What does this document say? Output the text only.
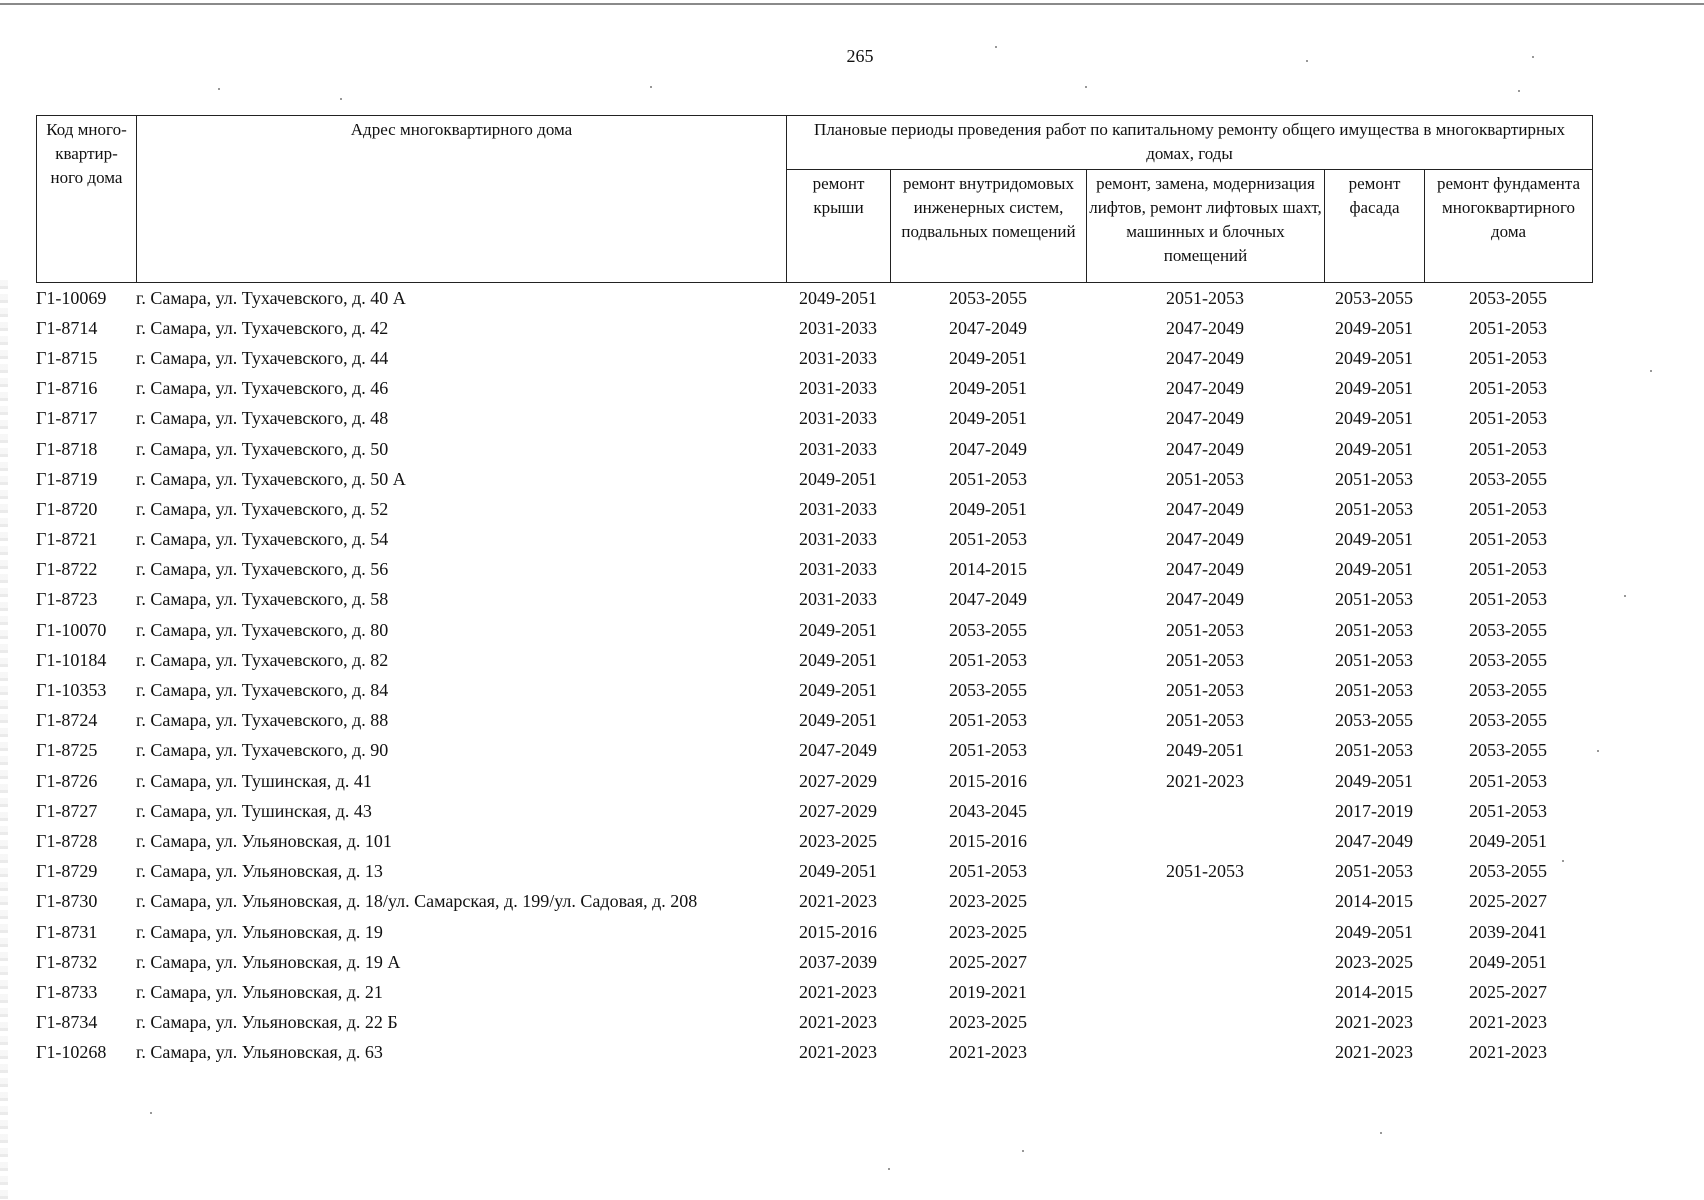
265
Код много-квартир-ного дома	Адрес многоквартирного дома	Плановые периоды проведения работ по капитальному ремонту общего имущества в многоквартирных домах, годы				
		ремонт крыши	ремонт внутридомовых инженерных систем, подвальных помещений	ремонт, замена, модернизация лифтов, ремонт лифтовых шахт, машинных и блочных помещений	ремонт фасада	ремонт фундамента многоквартирного дома
Г1-10069	г. Самара, ул. Тухачевского, д. 40 А	2049-2051	2053-2055	2051-2053	2053-2055	2053-2055
Г1-8714	г. Самара, ул. Тухачевского, д. 42	2031-2033	2047-2049	2047-2049	2049-2051	2051-2053
Г1-8715	г. Самара, ул. Тухачевского, д. 44	2031-2033	2049-2051	2047-2049	2049-2051	2051-2053
Г1-8716	г. Самара, ул. Тухачевского, д. 46	2031-2033	2049-2051	2047-2049	2049-2051	2051-2053
Г1-8717	г. Самара, ул. Тухачевского, д. 48	2031-2033	2049-2051	2047-2049	2049-2051	2051-2053
Г1-8718	г. Самара, ул. Тухачевского, д. 50	2031-2033	2047-2049	2047-2049	2049-2051	2051-2053
Г1-8719	г. Самара, ул. Тухачевского, д. 50 А	2049-2051	2051-2053	2051-2053	2051-2053	2053-2055
Г1-8720	г. Самара, ул. Тухачевского, д. 52	2031-2033	2049-2051	2047-2049	2051-2053	2051-2053
Г1-8721	г. Самара, ул. Тухачевского, д. 54	2031-2033	2051-2053	2047-2049	2049-2051	2051-2053
Г1-8722	г. Самара, ул. Тухачевского, д. 56	2031-2033	2014-2015	2047-2049	2049-2051	2051-2053
Г1-8723	г. Самара, ул. Тухачевского, д. 58	2031-2033	2047-2049	2047-2049	2051-2053	2051-2053
Г1-10070	г. Самара, ул. Тухачевского, д. 80	2049-2051	2053-2055	2051-2053	2051-2053	2053-2055
Г1-10184	г. Самара, ул. Тухачевского, д. 82	2049-2051	2051-2053	2051-2053	2051-2053	2053-2055
Г1-10353	г. Самара, ул. Тухачевского, д. 84	2049-2051	2053-2055	2051-2053	2051-2053	2053-2055
Г1-8724	г. Самара, ул. Тухачевского, д. 88	2049-2051	2051-2053	2051-2053	2053-2055	2053-2055
Г1-8725	г. Самара, ул. Тухачевского, д. 90	2047-2049	2051-2053	2049-2051	2051-2053	2053-2055
Г1-8726	г. Самара, ул. Тушинская, д. 41	2027-2029	2015-2016	2021-2023	2049-2051	2051-2053
Г1-8727	г. Самара, ул. Тушинская, д. 43	2027-2029	2043-2045		2017-2019	2051-2053
Г1-8728	г. Самара, ул. Ульяновская, д. 101	2023-2025	2015-2016		2047-2049	2049-2051
Г1-8729	г. Самара, ул. Ульяновская, д. 13	2049-2051	2051-2053	2051-2053	2051-2053	2053-2055
Г1-8730	г. Самара, ул. Ульяновская, д. 18/ул. Самарская, д. 199/ул. Садовая, д. 208	2021-2023	2023-2025		2014-2015	2025-2027
Г1-8731	г. Самара, ул. Ульяновская, д. 19	2015-2016	2023-2025		2049-2051	2039-2041
Г1-8732	г. Самара, ул. Ульяновская, д. 19 А	2037-2039	2025-2027		2023-2025	2049-2051
Г1-8733	г. Самара, ул. Ульяновская, д. 21	2021-2023	2019-2021		2014-2015	2025-2027
Г1-8734	г. Самара, ул. Ульяновская, д. 22 Б	2021-2023	2023-2025		2021-2023	2021-2023
Г1-10268	г. Самара, ул. Ульяновская, д. 63	2021-2023	2021-2023		2021-2023	2021-2023
